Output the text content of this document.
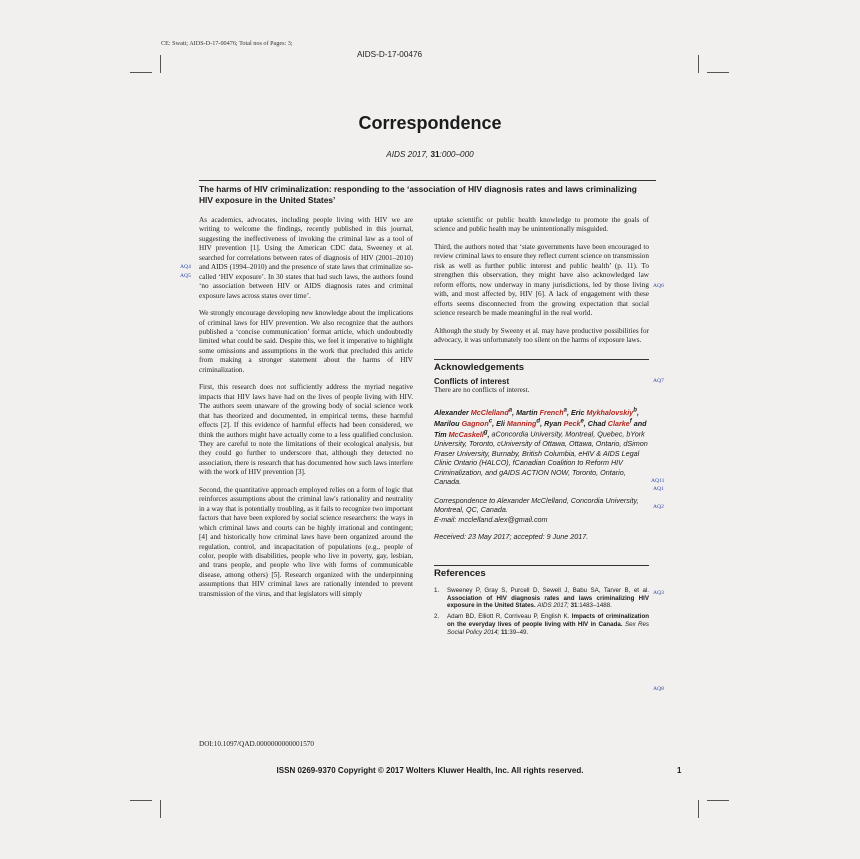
CE: Swati; AIDS-D-17-00476; Total nos of Pages: 3;
AIDS-D-17-00476
Correspondence
AIDS 2017, 31:000–000
The harms of HIV criminalization: responding to the ‘association of HIV diagnosis rates and laws criminalizing HIV exposure in the United States’
AQ4
AQ5
AQ6
AQ7
AQ11
AQ1
AQ2
AQ3
AQ8

As academics, advocates, including people living with HIV we are writing to welcome the findings, recently published in this journal, suggesting the ineffectiveness of invoking the criminal law as a tool of HIV prevention [1]. Using the American CDC data, Sweeney et al. searched for correlations between rates of diagnosis of HIV (2001–2010) and AIDS (1994–2010) and the presence of state laws that criminalize so-called ‘HIV exposure’. In 30 states that had such laws, the authors found ‘no association between HIV or AIDS diagnosis rates and criminal exposure laws across states over time’.

We strongly encourage developing new knowledge about the implications of criminal laws for HIV prevention. We also recognize that the authors published a ‘concise communication’ format article, which undoubtedly limited what could be said. Despite this, we feel it imperative to highlight some omissions and assumptions in the work that precluded this article from making a stronger statement about the harms of HIV criminalization.

First, this research does not sufficiently address the myriad negative impacts that HIV laws have had on the lives of people living with HIV. The authors seem unaware of the growing body of social science work that has theorized and documented, in empirical terms, these harmful effects [2]. If this evidence of harmful effects had been considered, we think the authors might have actually come to a less qualified conclusion. They are careful to note the limitations of their ecological analysis, but they could go further to underscore that, although they detected no association, there is research that has documented how such laws interfere with the work of HIV prevention [3].

Second, the quantitative approach employed relies on a form of logic that reinforces assumptions about the criminal law's rationality and neutrality in a way that is potentially troubling, as it fails to recognize two important factors that have been explored by social science researchers: the ways in which criminal laws and courts can be highly irrational and contingent; [4] and historically how criminal laws have been organized around the regulation, control, and incapacitation of populations (e.g., people of color, people with disabilities, people who live in poverty, gay, lesbian, and trans people, and people who live with forms of communicable disease, among others) [5]. Research organized with the underpinning assumptions that HIV criminal laws are rationally intended to prevent transmission of the virus, and that legislators will simply

uptake scientific or public health knowledge to promote the goals of science and public health may be unintentionally misguided.

Third, the authors noted that ‘state governments have been encouraged to review criminal laws to ensure they reflect current science on transmission risk as well as further public interest and public health’ (p. 11). To strengthen this observation, they might have also acknowledged law reform efforts, now underway in many jurisdictions, led by those living with, and most affected by, HIV [6]. A lack of engagement with these efforts seems disconnected from the growing expectation that social science research be made meaningful in the real world.

Although the study by Sweeny et al. may have productive possibilities for advocacy, it was unfortunately too silent on the harms of exposure laws.

Acknowledgements
Conflicts of interest

There are no conflicts of interest.

Alexander McClelland$^a$, Martin French$^a$, Eric Mykhalovskiy$^b$, Marilou Gagnon$^c$, Eli Manning$^d$, Ryan Peck$^e$, Chad Clarke$^f$ and Tim McCaskell$^g$, aConcordia University, Montreal, Quebec, bYork University, Toronto, cUniversity of Ottawa, Ottawa, Ontario, dSimon Fraser University, Burnaby, British Columbia, eHIV & AIDS Legal Clinic Ontario (HALCO), fCanadian Coalition to Reform HIV Criminalization, and gAIDS ACTION NOW, Toronto, Ontario, Canada.

Correspondence to Alexander McClelland, Concordia University, Montreal, QC, Canada.
E-mail: mcclelland.alex@gmail.com

Received: 23 May 2017; accepted: 9 June 2017.

References
1.	Sweeney P, Gray S, Purcell D, Sewell J, Babu SA, Tarver B, et al. Association of HIV diagnosis rates and laws criminalizing HIV exposure in the United States. AIDS 2017; 31:1483–1488.
2.	Adam BD, Elliott R, Corriveau P, English K. Impacts of criminalization on the everyday lives of people living with HIV in Canada. Sex Res Social Policy 2014; 11:39–49.
DOI:10.1097/QAD.0000000000001570
ISSN 0269-9370 Copyright © 2017 Wolters Kluwer Health, Inc. All rights reserved.	1
